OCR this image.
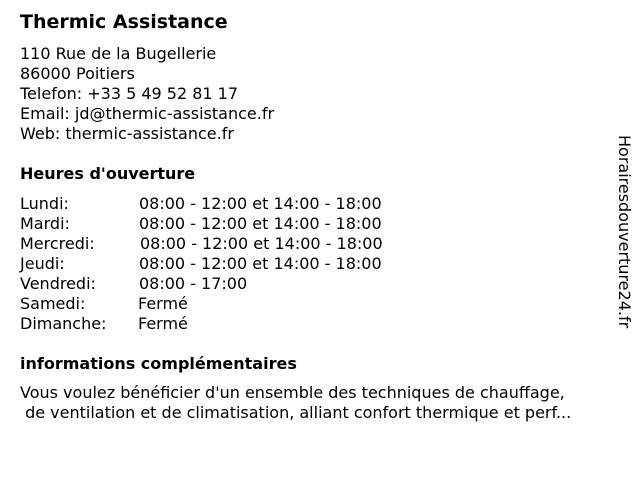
Thermic Assistance
110 Rue de la Bugellerie
86000 Poitiers
Telefon: +33 5 49 52 81 17
Email: jd@thermic-assistance.fr
Web: thermic-assistance.fr
Heures d'ouverture
Lundi:	08:00 - 12:00 et 14:00 - 18:00
Mardi:	08:00 - 12:00 et 14:00 - 18:00
Mercredi:	08:00 - 12:00 et 14:00 - 18:00
Jeudi:	08:00 - 12:00 et 14:00 - 18:00
Vendredi:	08:00 - 17:00
Samedi:	Fermé
Dimanche: Fermé
informations complémentaires
Vous voulez bénéficier d'un ensemble des techniques de chauffage,
de ventilation et de climatisation, alliant confort thermique et perf...
Horairesdouverture24.fr
